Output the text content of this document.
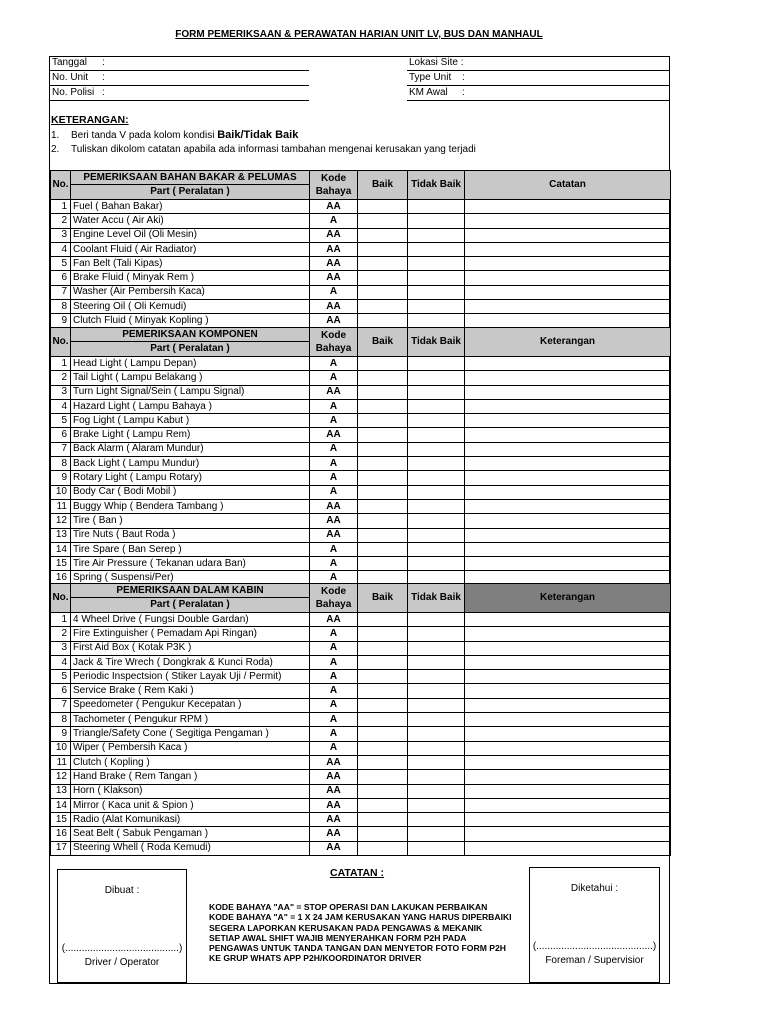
FORM PEMERIKSAAN & PERAWATAN HARIAN UNIT LV, BUS DAN MANHAUL
Tanggal :
No. Unit :
No. Polisi :
Lokasi Site :
Type Unit :
KM Awal :
KETERANGAN:
1. Beri tanda V pada kolom kondisi Baik/Tidak Baik
2. Tuliskan dikolom catatan apabila ada informasi tambahan mengenai kerusakan yang terjadi
No.	PEMERIKSAAN BAHAN BAKAR & PELUMAS
Part ( Peralatan )	Kode Bahaya	Baik	Tidak Baik	Catatan
1	Fuel ( Bahan Bakar)	AA			
2	Water Accu ( Air Aki)	A			
3	Engine Level Oil (Oli Mesin)	AA			
4	Coolant Fluid ( Air Radiator)	AA			
5	Fan Belt (Tali Kipas)	AA			
6	Brake Fluid ( Minyak Rem )	AA			
7	Washer (Air Pembersih Kaca)	A			
8	Steering Oil ( Oli Kemudi)	AA			
9	Clutch Fluid ( Minyak Kopling )	AA			
No.	PEMERIKSAAN KOMPONEN
Part ( Peralatan )	Kode Bahaya	Baik	Tidak Baik	Keterangan
1	Head Light ( Lampu Depan)	A			
2	Tail Light ( Lampu Belakang )	A			
3	Turn Light Signal/Sein ( Lampu Signal)	AA			
4	Hazard Light ( Lampu Bahaya )	A			
5	Fog Light ( Lampu Kabut )	A			
6	Brake Light ( Lampu Rem)	AA			
7	Back Alarm ( Alaram Mundur)	A			
8	Back Light ( Lampu Mundur)	A			
9	Rotary Light ( Lampu Rotary)	A			
10	Body Car ( Bodi Mobil )	A			
11	Buggy Whip ( Bendera Tambang )	AA			
12	Tire ( Ban )	AA			
13	Tire Nuts ( Baut Roda )	AA			
14	Tire Spare ( Ban Serep )	A			
15	Tire Air Pressure ( Tekanan udara Ban)	A			
16	Spring ( Suspensi/Per)	A			
No.	PEMERIKSAAN DALAM KABIN
Part ( Peralatan )	Kode Bahaya	Baik	Tidak Baik	Keterangan
1	4 Wheel Drive ( Fungsi Double Gardan)	AA			
2	Fire Extinguisher ( Pemadam Api Ringan)	A			
3	First Aid Box ( Kotak P3K )	A			
4	Jack & Tire Wrech ( Dongkrak & Kunci Roda)	A			
5	Periodic Inspectsion ( Stiker Layak Uji / Permit)	A			
6	Service Brake ( Rem Kaki )	A			
7	Speedometer ( Pengukur Kecepatan )	A			
8	Tachometer ( Pengukur RPM )	A			
9	Triangle/Safety Cone ( Segitiga Pengaman )	A			
10	Wiper ( Pembersih Kaca )	A			
11	Clutch ( Kopling )	AA			
12	Hand Brake ( Rem Tangan )	AA			
13	Horn ( Klakson)	AA			
14	Mirror ( Kaca unit & Spion )	AA			
15	Radio (Alat Komunikasi)	AA			
16	Seat Belt ( Sabuk Pengaman )	AA			
17	Steering Whell ( Roda Kemudi)	AA			
Dibuat :
(.........................................)
Driver / Operator
Diketahui :
(..........................................)
Foreman / Supervisior
CATATAN :
KODE BAHAYA "AA" = STOP OPERASI DAN LAKUKAN PERBAIKAN
KODE BAHAYA "A" = 1 X 24 JAM KERUSAKAN YANG HARUS DIPERBAIKI
SEGERA LAPORKAN KERUSAKAN PADA PENGAWAS & MEKANIK
SETIAP AWAL SHIFT WAJIB MENYERAHKAN FORM P2H PADA
PENGAWAS UNTUK TANDA TANGAN DAN MENYETOR FOTO FORM P2H
KE GRUP WHATS APP P2H/KOORDINATOR DRIVER
